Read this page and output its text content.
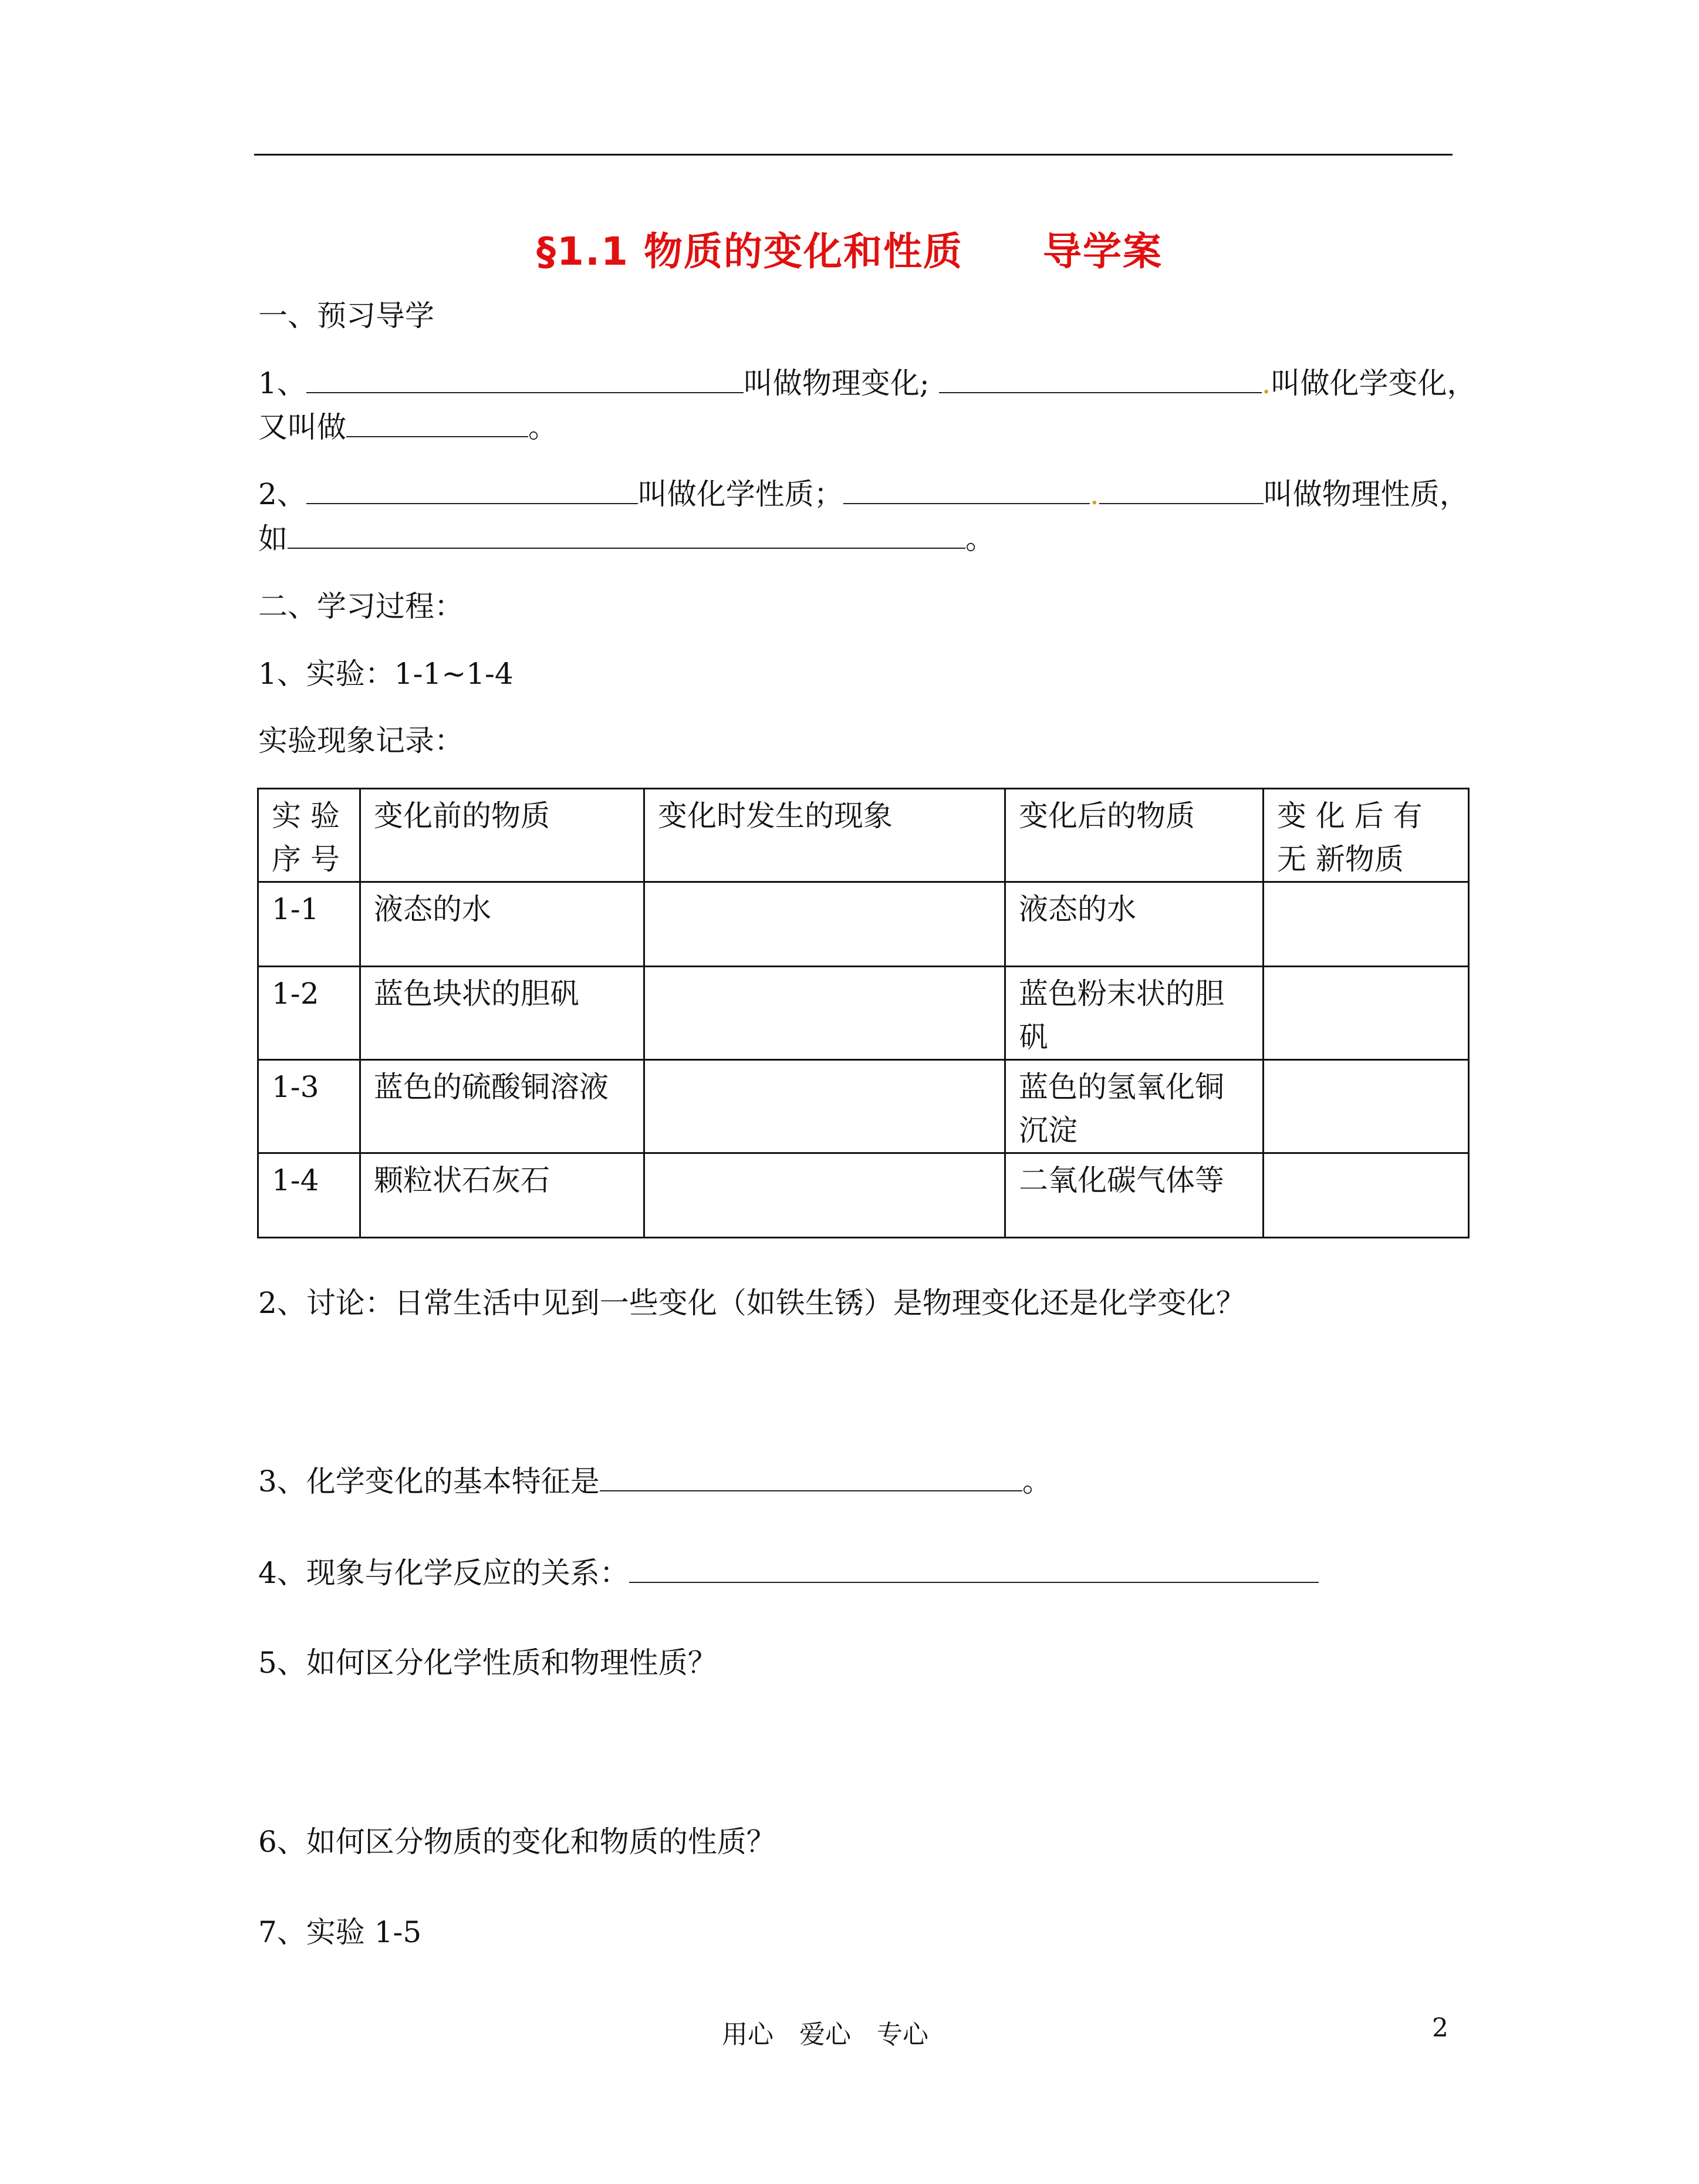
§1.1 物质的变化和性质　　导学案
一、预习导学
1、	叫做物理变化;	.叫做化学变化，
又叫做	。
2、	叫做化学性质；	.	叫做物理性质，
如	。
二、学习过程：
1、实验：1-1~1-4
实验现象记录：
实 验 序 号	变化前的物质	变化时发生的现象	变化后的物质	变 化 后 有 无 新物质
1-1	液态的水		液态的水	
1-2	蓝色块状的胆矾		蓝色粉末状的胆矾	
1-3	蓝色的硫酸铜溶液		蓝色的氢氧化铜沉淀	
1-4	颗粒状石灰石		二氧化碳气体等	
2、讨论：日常生活中见到一些变化（如铁生锈）是物理变化还是化学变化？
3、化学变化的基本特征是	。
4、现象与化学反应的关系：
5、如何区分化学性质和物理性质？
6、如何区分物质的变化和物质的性质？
7、实验 1-5
用心　爱心　专心	2
